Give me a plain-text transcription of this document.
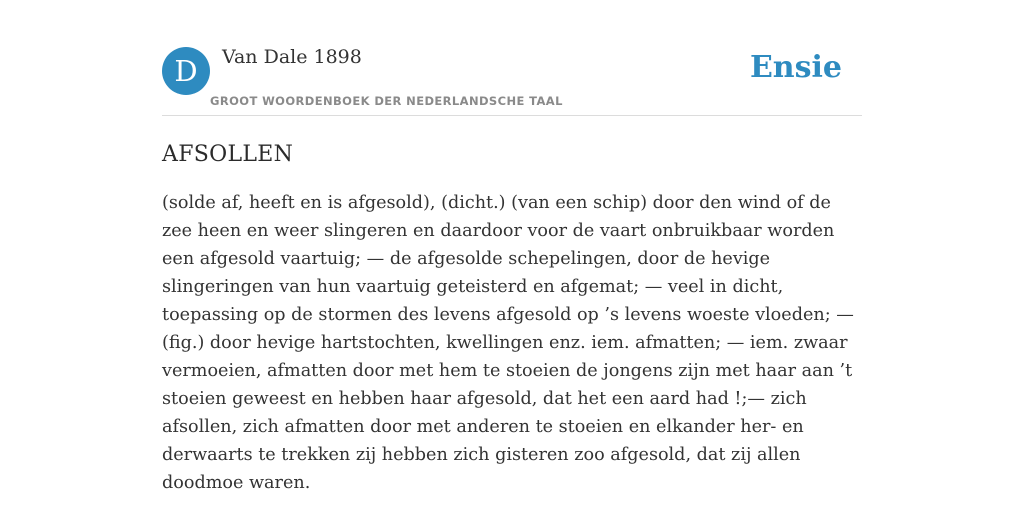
D	Van Dale 1898
GROOT WOORDENBOEK DER NEDERLANDSCHE TAAL
Ensie
AFSOLLEN

(solde af, heeft en is afgesold), (dicht.) (van een schip) door den wind of de zee heen en weer slingeren en daardoor voor de vaart onbruikbaar worden een afgesold vaartuig; — de afgesolde schepelingen, door de hevige slingeringen van hun vaartuig geteisterd en afgemat; — veel in dicht, toepassing op de stormen des levens afgesold op ’s levens woeste vloeden; — (fig.) door hevige hartstochten, kwellingen enz. iem. afmatten; — iem. zwaar vermoeien, afmatten door met hem te stoeien de jongens zijn met haar aan ’t stoeien geweest en hebben haar afgesold, dat het een aard had !;— zich afsollen, zich afmatten door met anderen te stoeien en elkander her- en derwaarts te trekken zij hebben zich gisteren zoo afgesold, dat zij allen doodmoe waren.
